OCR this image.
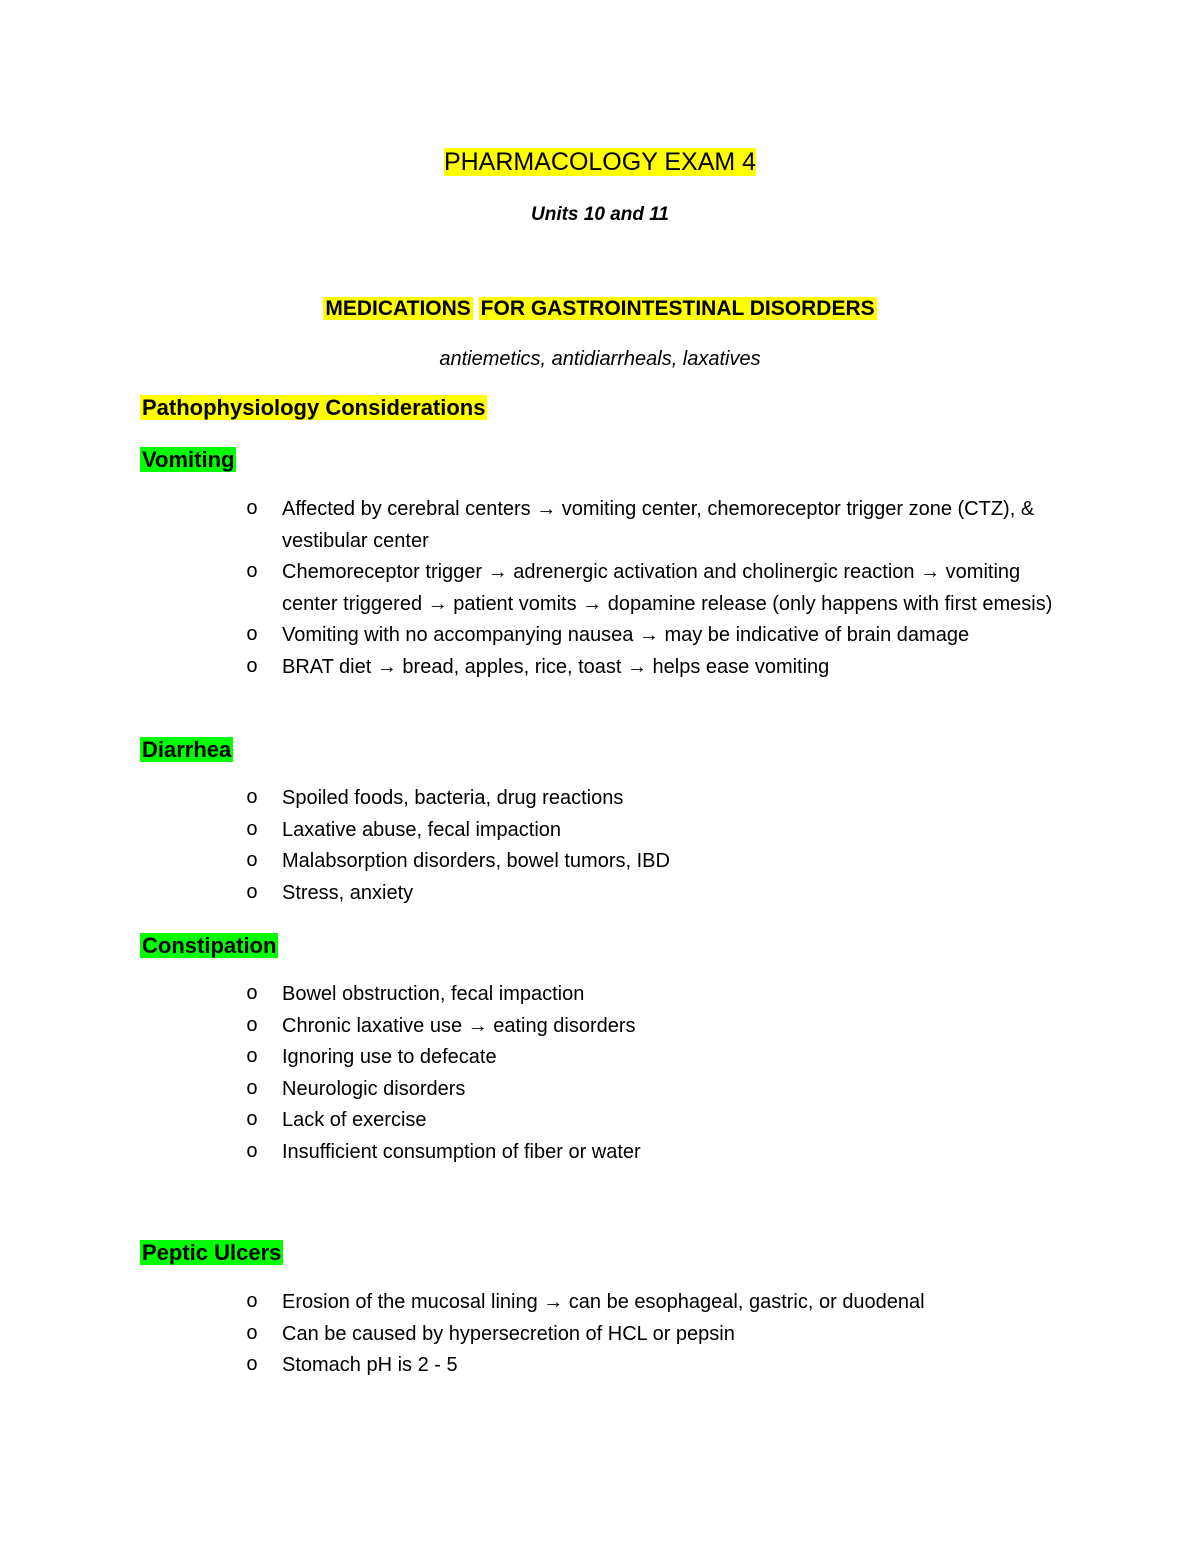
PHARMACOLOGY EXAM 4
Units 10 and 11
MEDICATIONS FOR GASTROINTESTINAL DISORDERS
antiemetics, antidiarrheals, laxatives
Pathophysiology Considerations
Vomiting
o Affected by cerebral centers → vomiting center, chemoreceptor trigger zone (CTZ), & vestibular center
o Chemoreceptor trigger → adrenergic activation and cholinergic reaction → vomiting center triggered → patient vomits → dopamine release (only happens with first emesis)
o Vomiting with no accompanying nausea → may be indicative of brain damage
o BRAT diet → bread, apples, rice, toast → helps ease vomiting
Diarrhea
o Spoiled foods, bacteria, drug reactions
o Laxative abuse, fecal impaction
o Malabsorption disorders, bowel tumors, IBD
o Stress, anxiety
Constipation
o Bowel obstruction, fecal impaction
o Chronic laxative use → eating disorders
o Ignoring use to defecate
o Neurologic disorders
o Lack of exercise
o Insufficient consumption of fiber or water
Peptic Ulcers
o Erosion of the mucosal lining → can be esophageal, gastric, or duodenal
o Can be caused by hypersecretion of HCL or pepsin
o Stomach pH is 2 - 5
